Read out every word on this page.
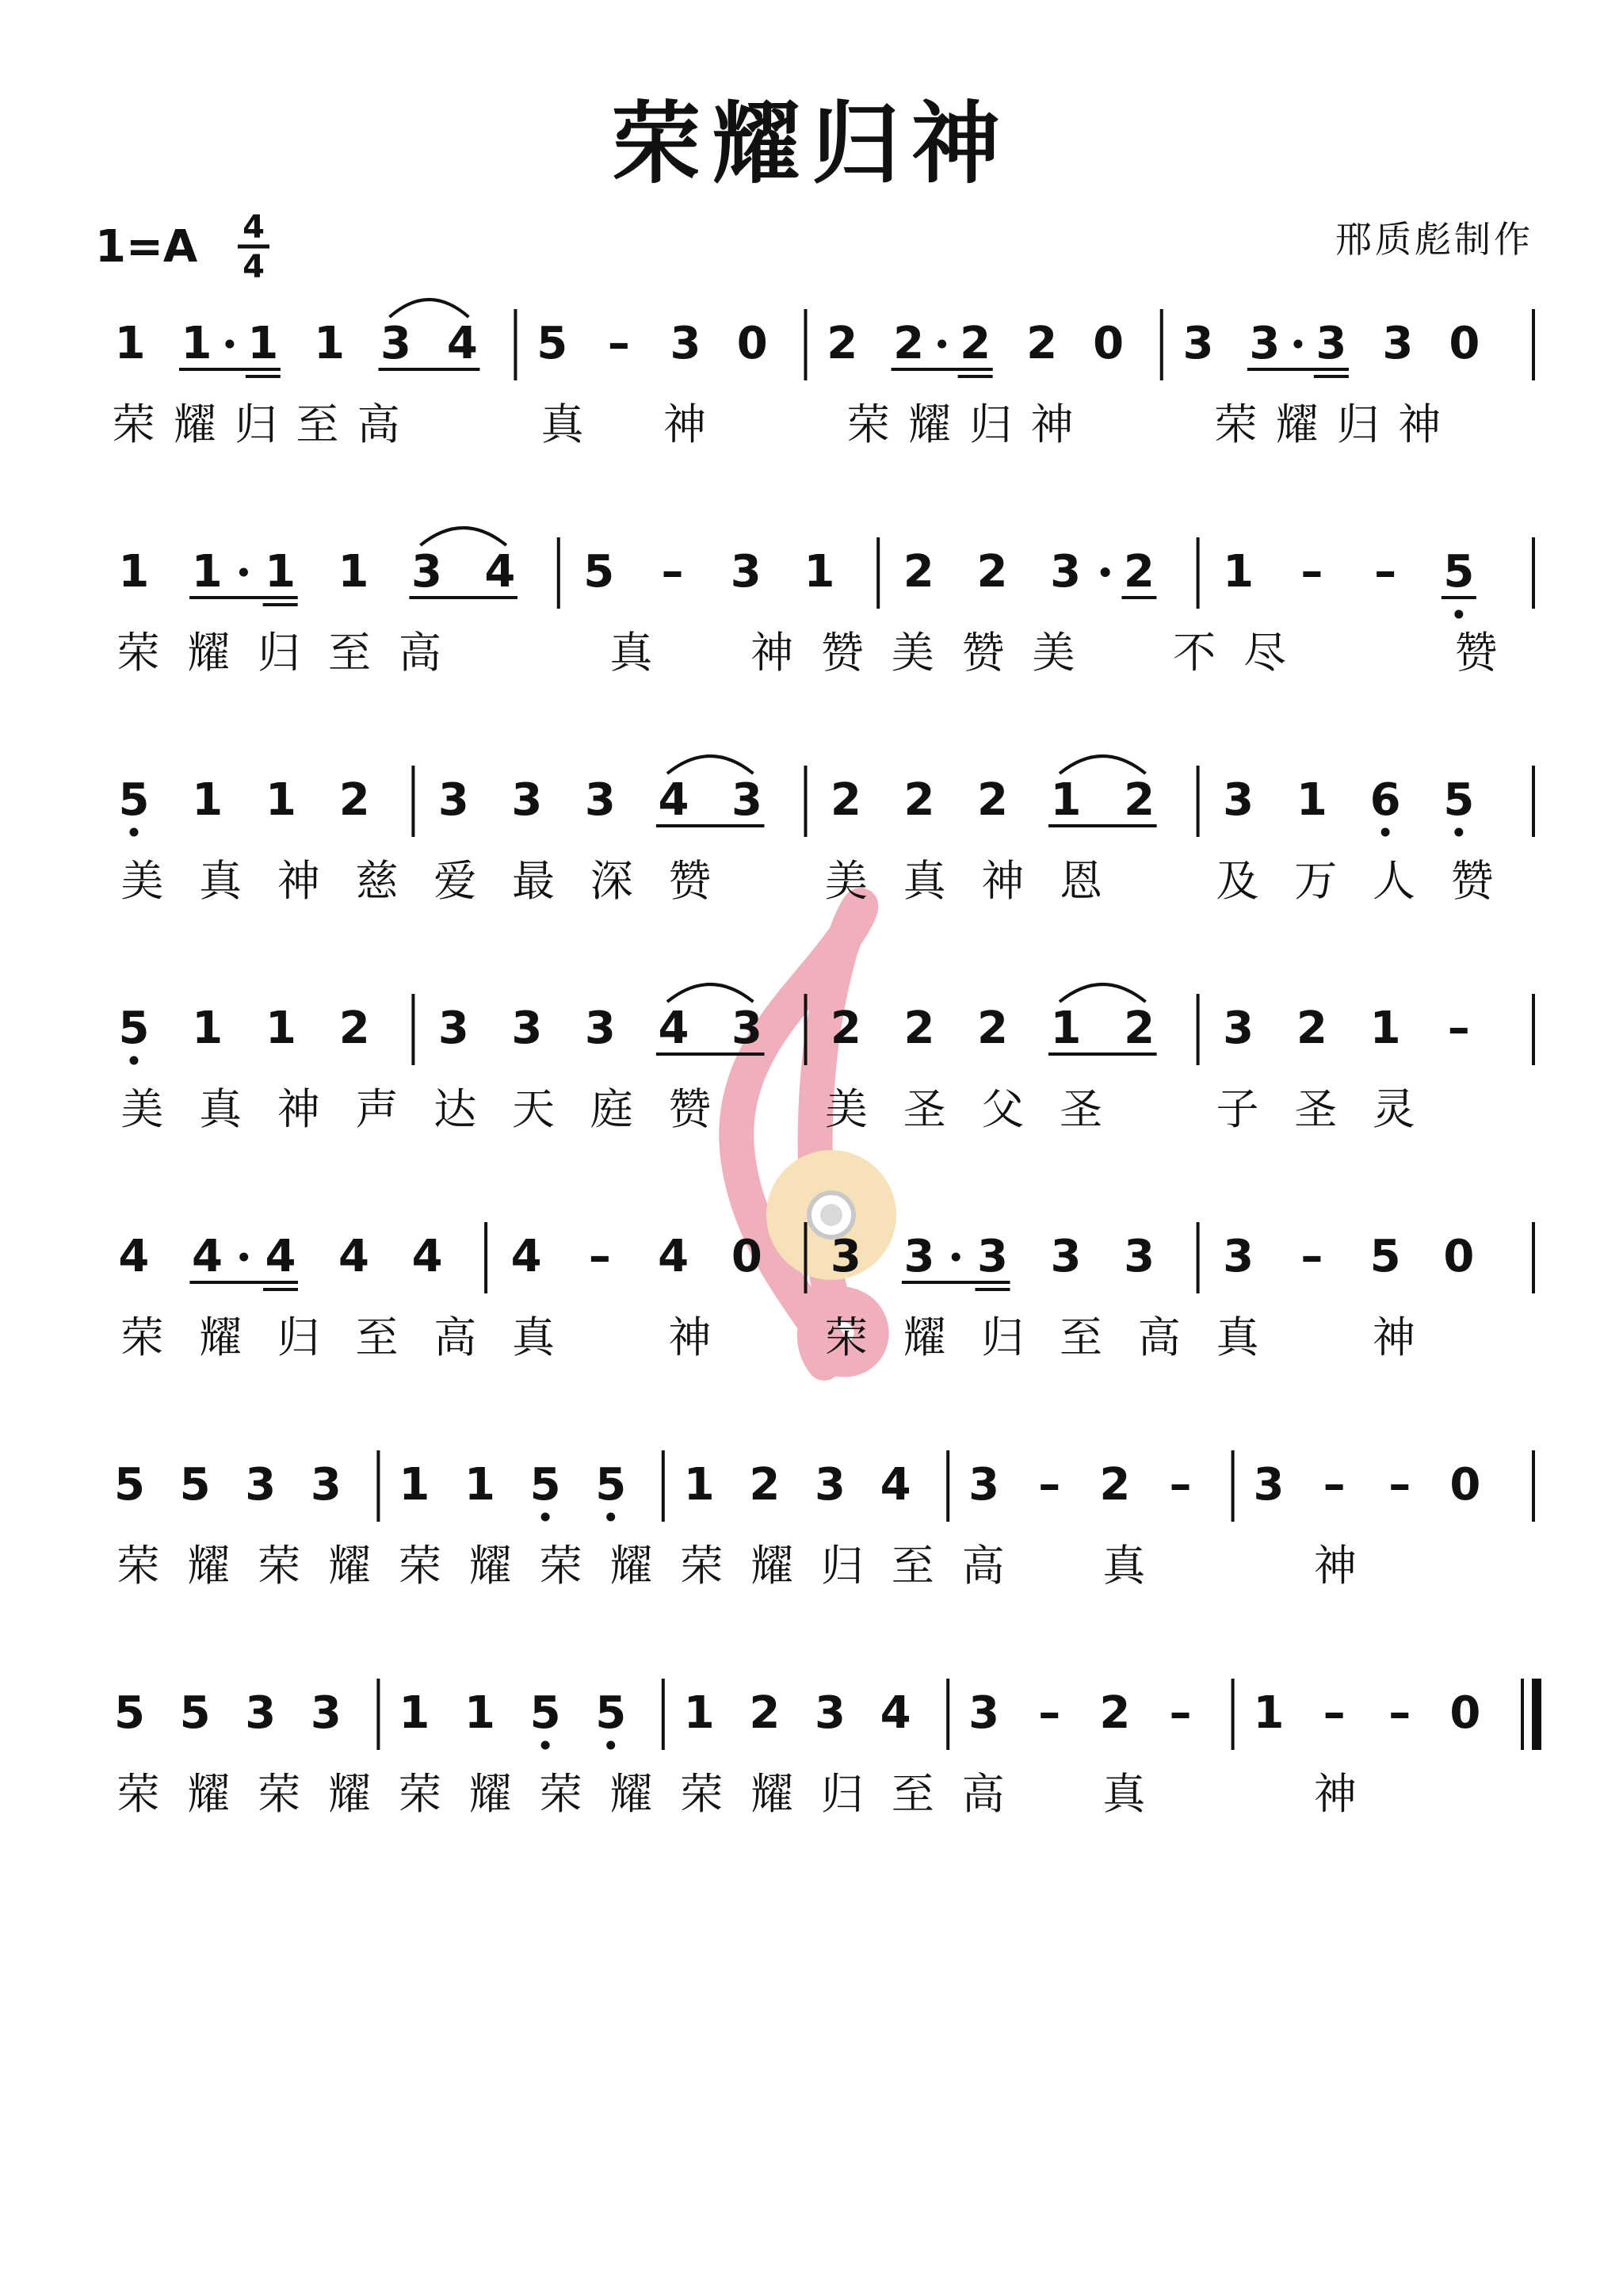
荣耀归神
1=A 4
4
邢质彪制作
1 1 1 1 3 4 5 – 3 0 2 2 2 2 0 3 3 3 3 0
荣 耀 归 至 高	真 神	荣 耀 归 神	荣 耀 归 神
1 1 1 1 3 4 5 – 3 1 2 2 3 2 1 – – 5
荣 耀 归 至 高	真 神 赞 美 赞 美 不 尽	赞
5 1 1 2 3 3 3 4 3 2 2 2 1 2 3 1 6 5
美 真 神 慈 爱 最 深 赞	美 真 神 恩	及 万 人 赞
5 1 1 2 3 3 3 4 3 2 2 2 1 2 3 2 1 –
美 真 神 声 达 天 庭 赞	美 圣 父 圣	子 圣 灵
4 4 4 4 4 4 – 4 0 3 3 3 3 3 3 – 5 0
荣 耀 归 至 高 真	神	荣 耀 归 至 高 真	神
5 5 3 3 1 1 5 5 1 2 3 4 3 – 2 – 3 – – 0
荣 耀 荣 耀 荣 耀 荣 耀 荣 耀 归 至 高 真	神
5 5 3 3 1 1 5 5 1 2 3 4 3 – 2 – 1 – – 0
荣 耀 荣 耀 荣 耀 荣 耀 荣 耀 归 至 高 真	神
